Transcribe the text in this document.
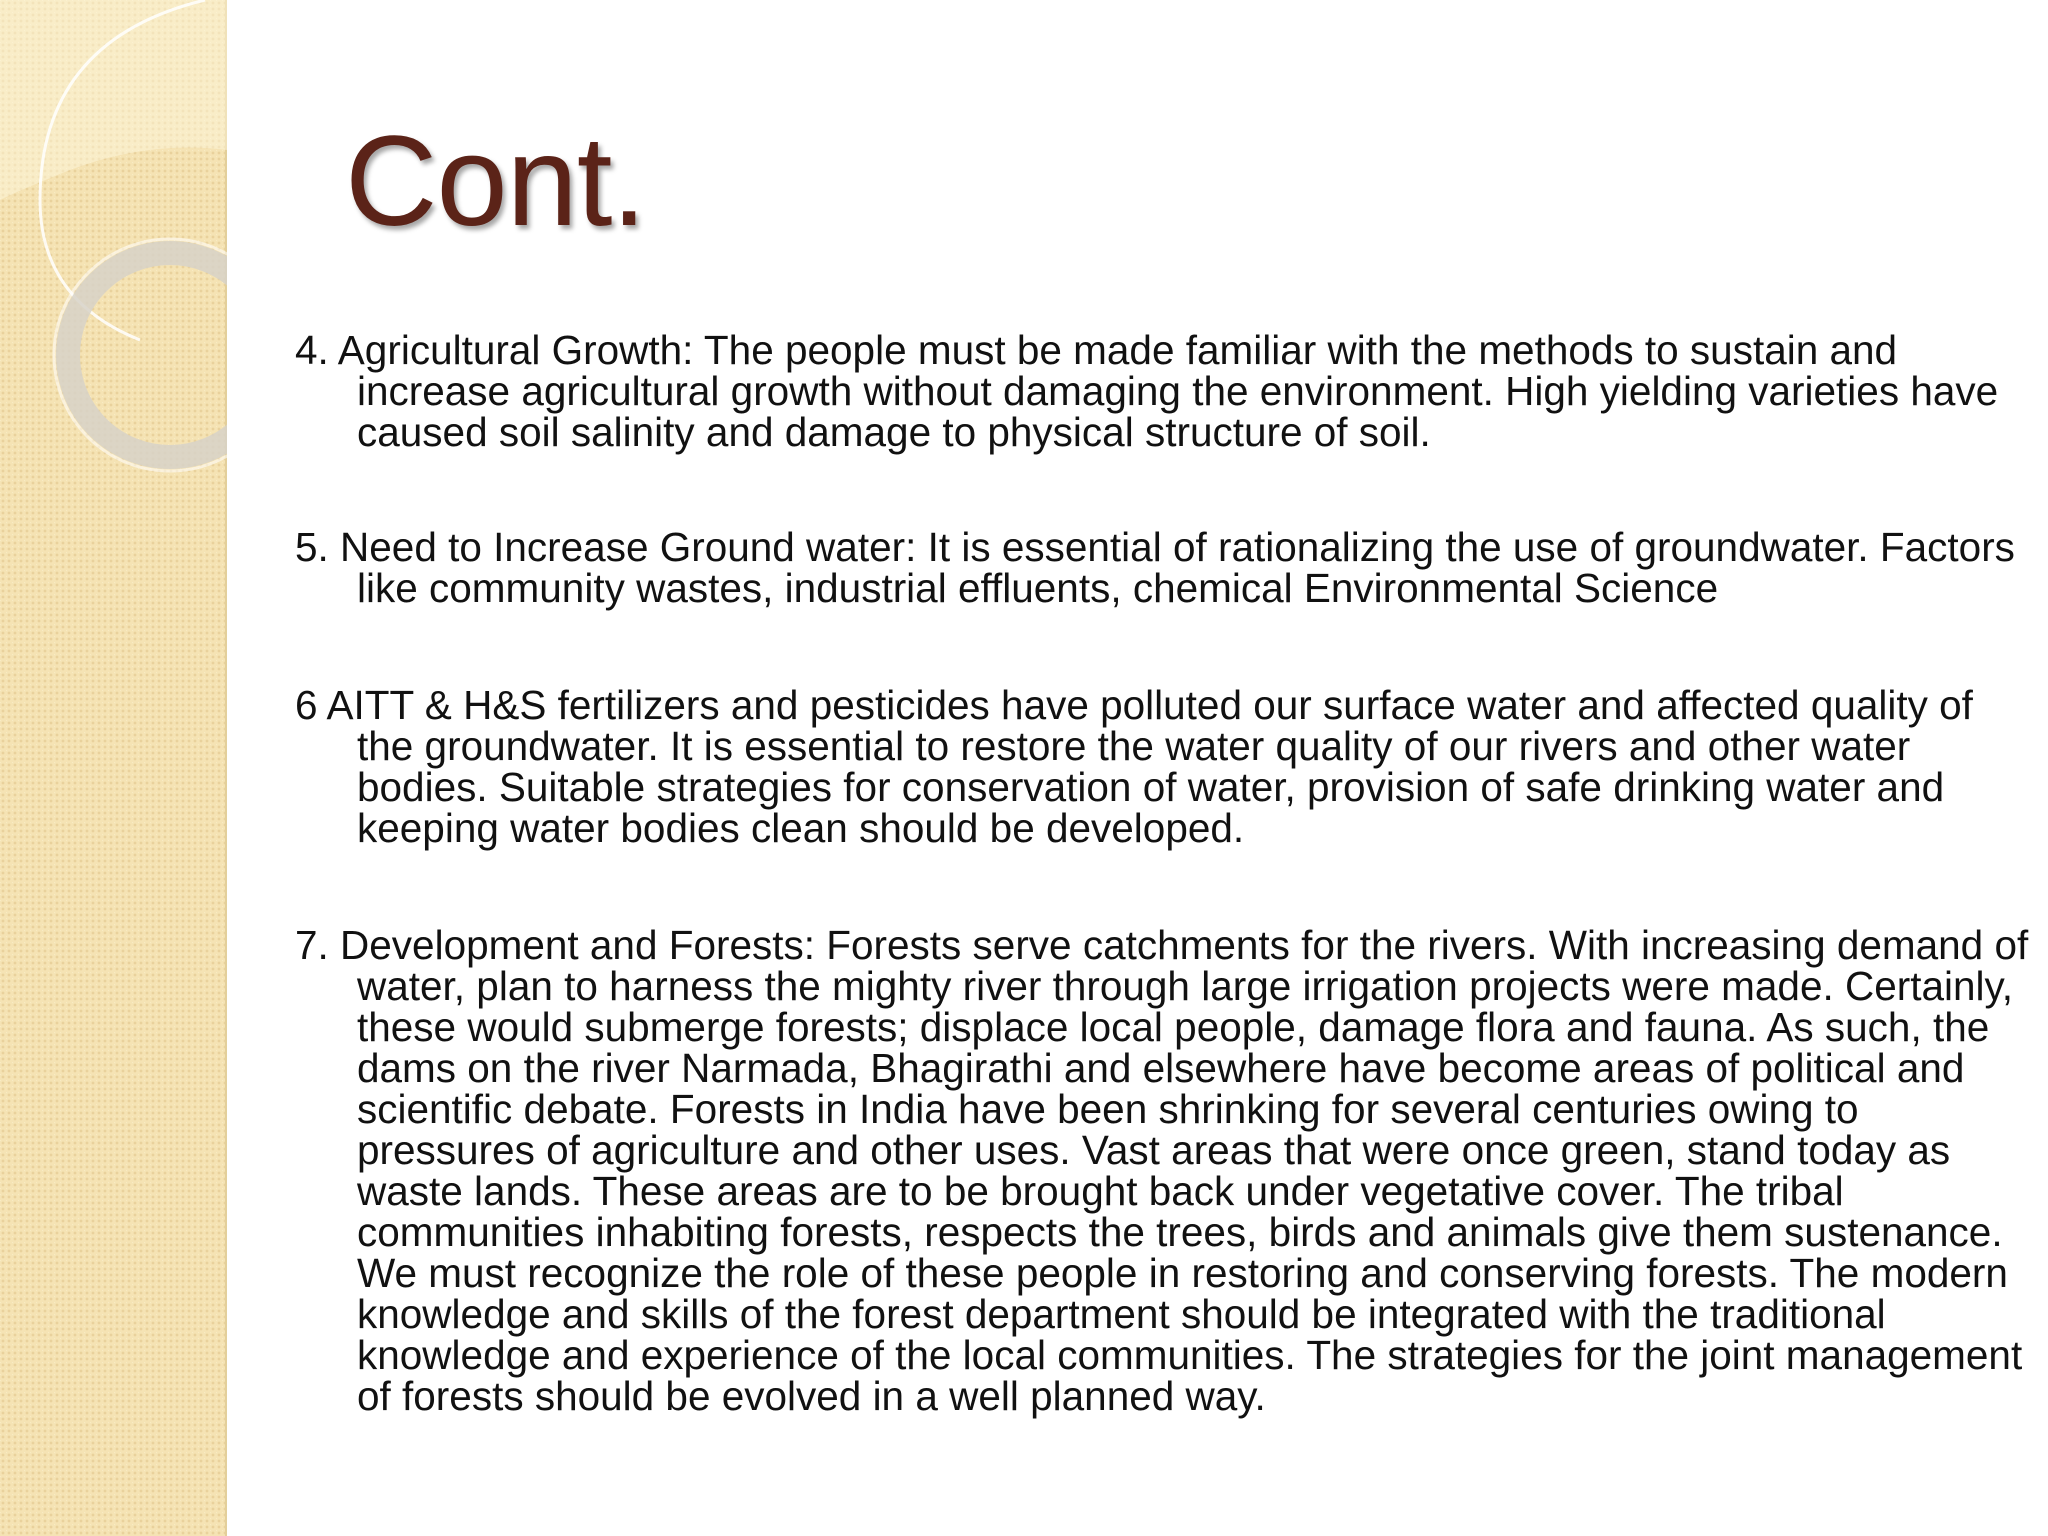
Cont.
4. Agricultural Growth: The people must be made familiar with the methods to sustain and increase agricultural growth without damaging the environment. High yielding varieties have caused soil salinity and damage to physical structure of soil.
5. Need to Increase Ground water: It is essential of rationalizing the use of groundwater. Factors like community wastes, industrial effluents, chemical Environmental Science
6 AITT & H&S fertilizers and pesticides have polluted our surface water and affected quality of the groundwater. It is essential to restore the water quality of our rivers and other water bodies. Suitable strategies for conservation of water, provision of safe drinking water and keeping water bodies clean should be developed.
7. Development and Forests: Forests serve catchments for the rivers. With increasing demand of water, plan to harness the mighty river through large irrigation projects were made. Certainly, these would submerge forests; displace local people, damage flora and fauna. As such, the dams on the river Narmada, Bhagirathi and elsewhere have become areas of political and scientific debate. Forests in India have been shrinking for several centuries owing to pressures of agriculture and other uses. Vast areas that were once green, stand today as waste lands. These areas are to be brought back under vegetative cover. The tribal communities inhabiting forests, respects the trees, birds and animals give them sustenance. We must recognize the role of these people in restoring and conserving forests. The modern knowledge and skills of the forest department should be integrated with the traditional knowledge and experience of the local communities. The strategies for the joint management of forests should be evolved in a well planned way.
